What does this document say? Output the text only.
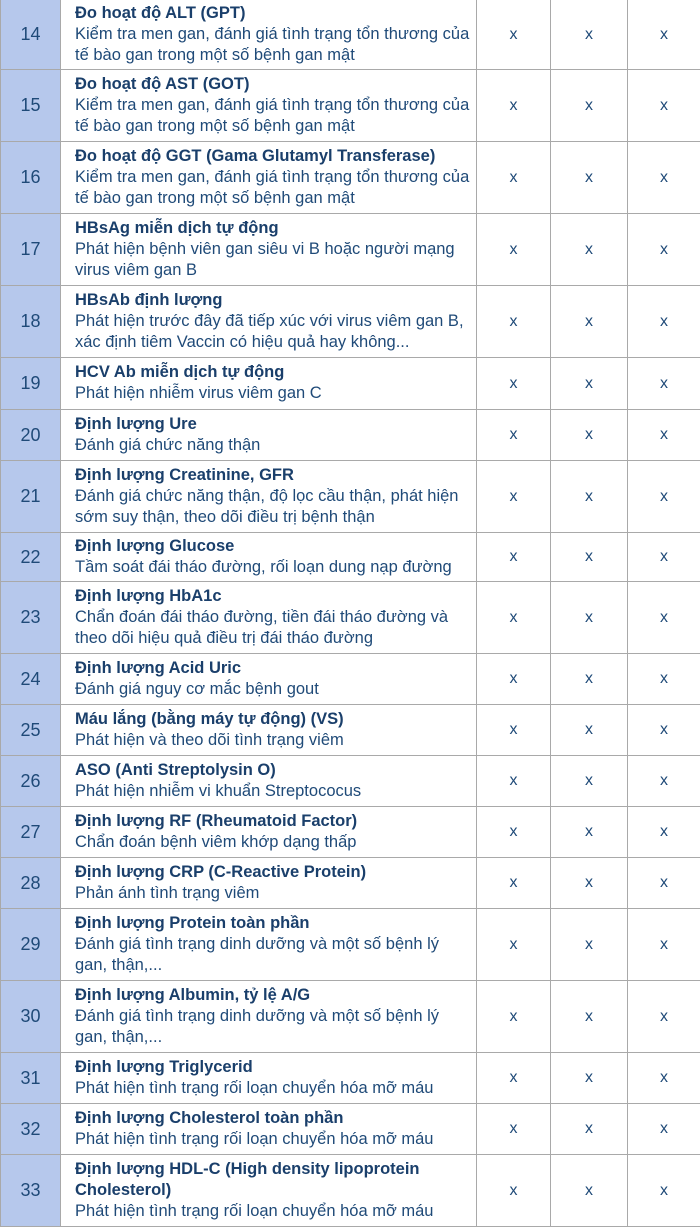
14	Đo hoạt độ ALT (GPT)
Kiểm tra men gan, đánh giá tình trạng tổn thương của tế bào gan trong một số bệnh gan mật	x	x	x
15	Đo hoạt độ AST (GOT)
Kiểm tra men gan, đánh giá tình trạng tổn thương của tế bào gan trong một số bệnh gan mật	x	x	x
16	Đo hoạt độ GGT (Gama Glutamyl Transferase)
Kiểm tra men gan, đánh giá tình trạng tổn thương của tế bào gan trong một số bệnh gan mật	x	x	x
17	HBsAg miễn dịch tự động
Phát hiện bệnh viên gan siêu vi B hoặc người mạng virus viêm gan B	x	x	x
18	HBsAb định lượng
Phát hiện trước đây đã tiếp xúc với virus viêm gan B, xác định tiêm Vaccin có hiệu quả hay không...	x	x	x
19	HCV Ab miễn dịch tự động
Phát hiện nhiễm virus viêm gan C	x	x	x
20	Định lượng Ure
Đánh giá chức năng thận	x	x	x
21	Định lượng Creatinine, GFR
Đánh giá chức năng thận, độ lọc cầu thận, phát hiện sớm suy thận, theo dõi điều trị bệnh thận	x	x	x
22	Định lượng Glucose
Tầm soát đái tháo đường, rối loạn dung nạp đường	x	x	x
23	Định lượng HbA1c
Chẩn đoán đái tháo đường, tiền đái tháo đường và theo dõi hiệu quả điều trị đái tháo đường	x	x	x
24	Định lượng Acid Uric
Đánh giá nguy cơ mắc bệnh gout	x	x	x
25	Máu lắng (bằng máy tự động) (VS)
Phát hiện và theo dõi tình trạng viêm	x	x	x
26	ASO (Anti Streptolysin O)
Phát hiện nhiễm vi khuẩn Streptococus	x	x	x
27	Định lượng RF (Rheumatoid Factor)
Chẩn đoán bệnh viêm khớp dạng thấp	x	x	x
28	Định lượng CRP (C-Reactive Protein)
Phản ánh tình trạng viêm	x	x	x
29	Định lượng Protein toàn phần
Đánh giá tình trạng dinh dưỡng và một số bệnh lý gan, thận,...	x	x	x
30	Định lượng Albumin, tỷ lệ A/G
Đánh giá tình trạng dinh dưỡng và một số bệnh lý gan, thận,...	x	x	x
31	Định lượng Triglycerid
Phát hiện tình trạng rối loạn chuyển hóa mỡ máu	x	x	x
32	Định lượng Cholesterol toàn phần
Phát hiện tình trạng rối loạn chuyển hóa mỡ máu	x	x	x
33	Định lượng HDL-C (High density lipoprotein Cholesterol)
Phát hiện tình trạng rối loạn chuyển hóa mỡ máu	x	x	x
